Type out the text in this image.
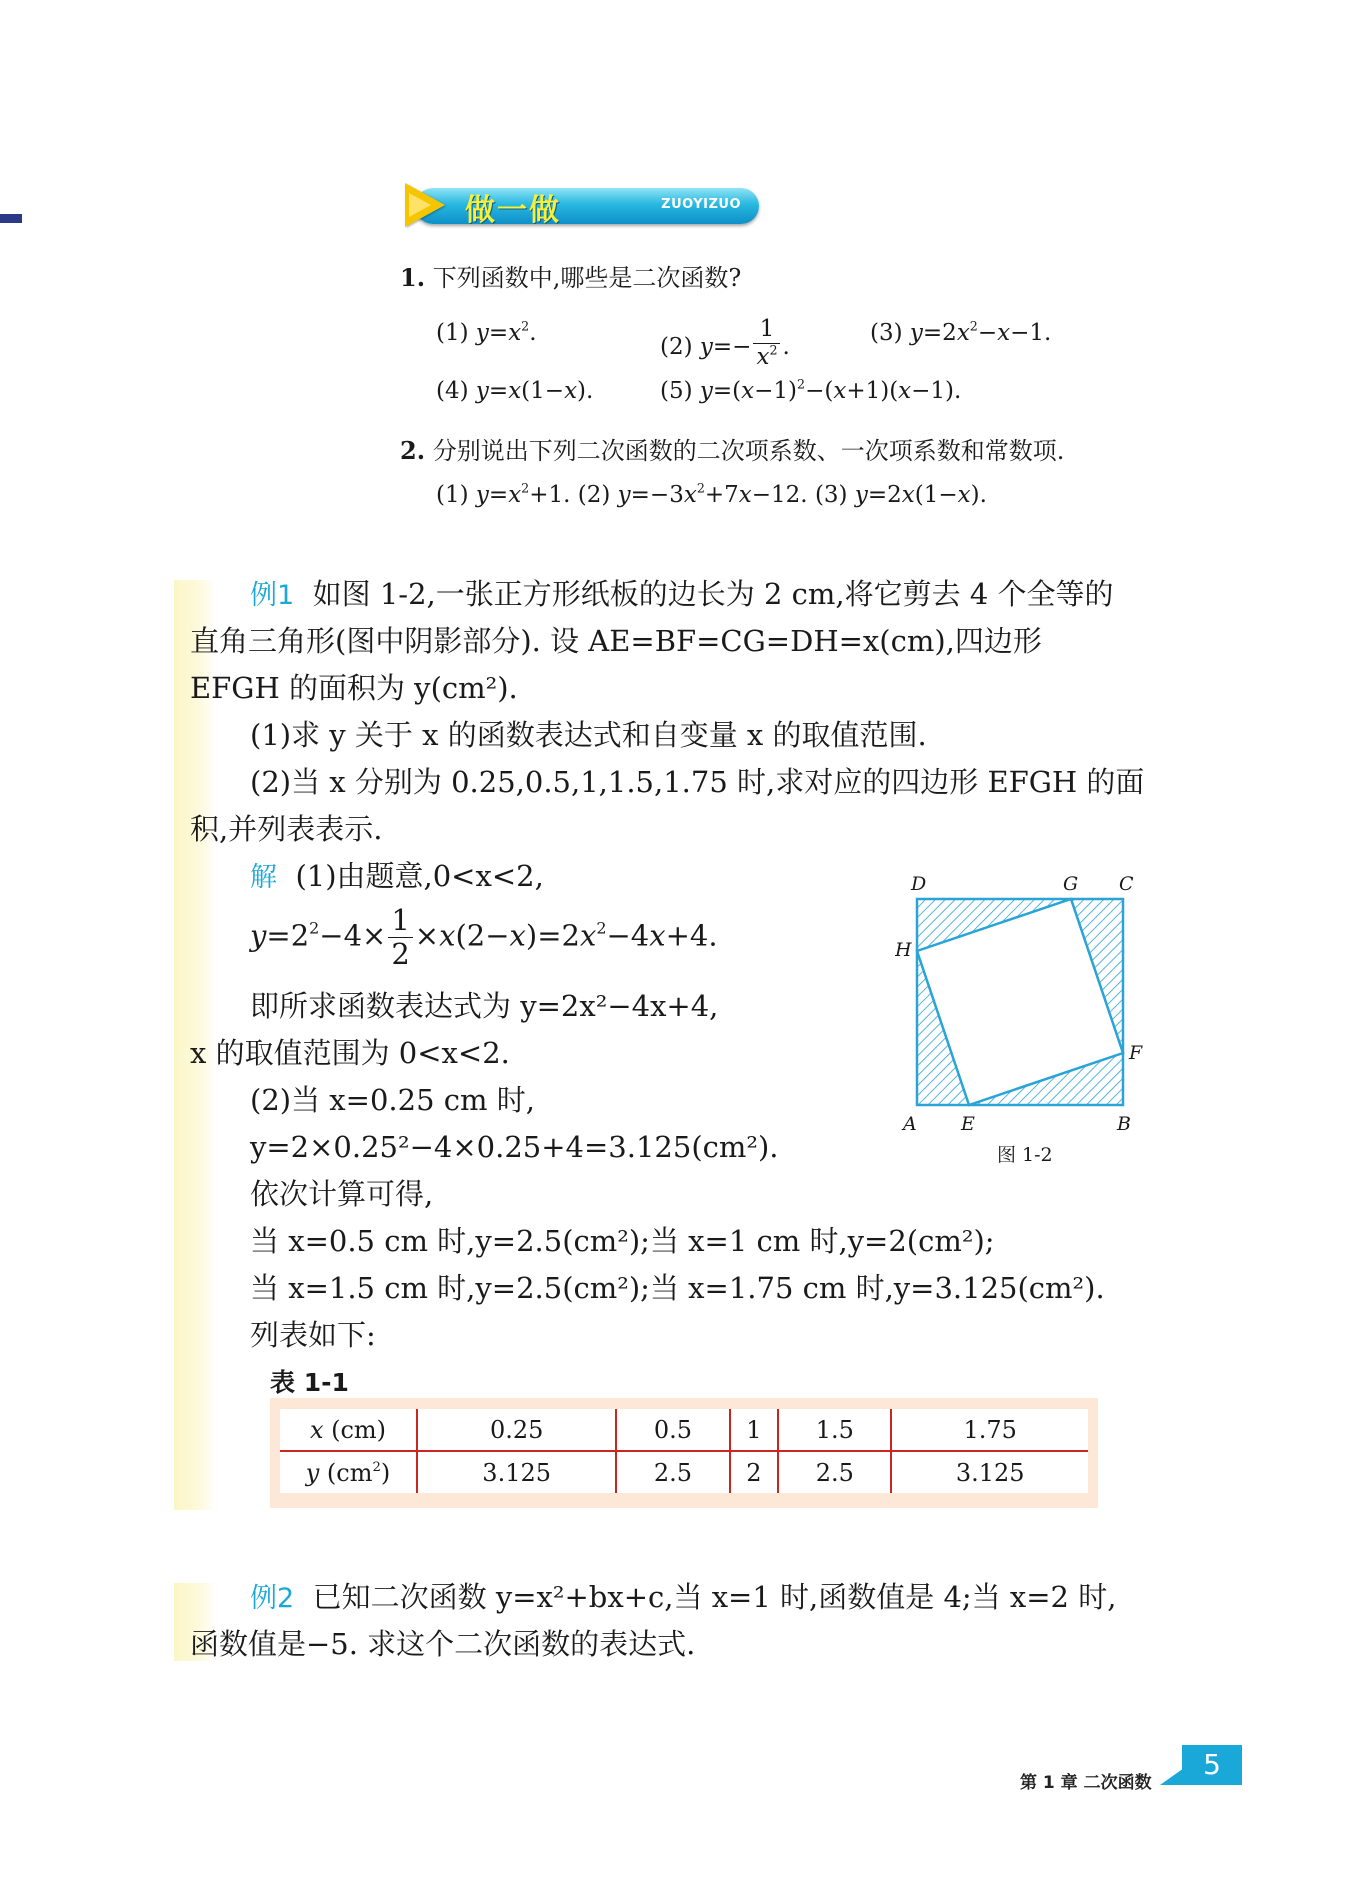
做一做	ZUOYIZUO
1. 下列函数中,哪些是二次函数?
(1) $y=x^2$.
(2) $y=- \frac{1}{x^2}$ .
(3) $y=2x^2-x-1$.
(4) y=x(1−x).	(5) $y=(x-1)^2-(x+1)(x-1)$.
2. 分别说出下列二次函数的二次项系数、一次项系数和常数项.
(1) $y=x^2+1$. (2) $y=-3x^2+7x-12$. (3) y=2x(1−x).
例1 如图 1-2,一张正方形纸板的边长为 2 cm,将它剪去 4 个全等的
直角三角形(图中阴影部分). 设 AE=BF=CG=DH=x(cm),四边形
EFGH 的面积为 y(cm²).
(1)求 y 关于 x 的函数表达式和自变量 x 的取值范围.
(2)当 x 分别为 0.25,0.5,1,1.5,1.75 时,求对应的四边形 EFGH 的面
积,并列表表示.
解 (1)由题意,0<x<2,
$y=2^2-4\times \frac{1}{2} \times x(2-x)=2x^2-4x+4$.
即所求函数表达式为 y=2x²−4x+4,
x 的取值范围为 0<x<2.
(2)当 x=0.25 cm 时,
y=2×0.25²−4×0.25+4=3.125(cm²).
依次计算可得,
当 x=0.5 cm 时,y=2.5(cm²);当 x=1 cm 时,y=2(cm²);
当 x=1.5 cm 时,y=2.5(cm²);当 x=1.75 cm 时,y=3.125(cm²).
列表如下:
D	G C
H
F
A E	B
图 1-2
表 1-1
x (cm)	0.25	0.5	1	1.5	1.75
y $(cm^2)$	3.125	2.5	2	2.5	3.125
例2 已知二次函数 y=x²+bx+c,当 x=1 时,函数值是 4;当 x=2 时,
函数值是−5. 求这个二次函数的表达式.
第 1 章 二次函数
5
